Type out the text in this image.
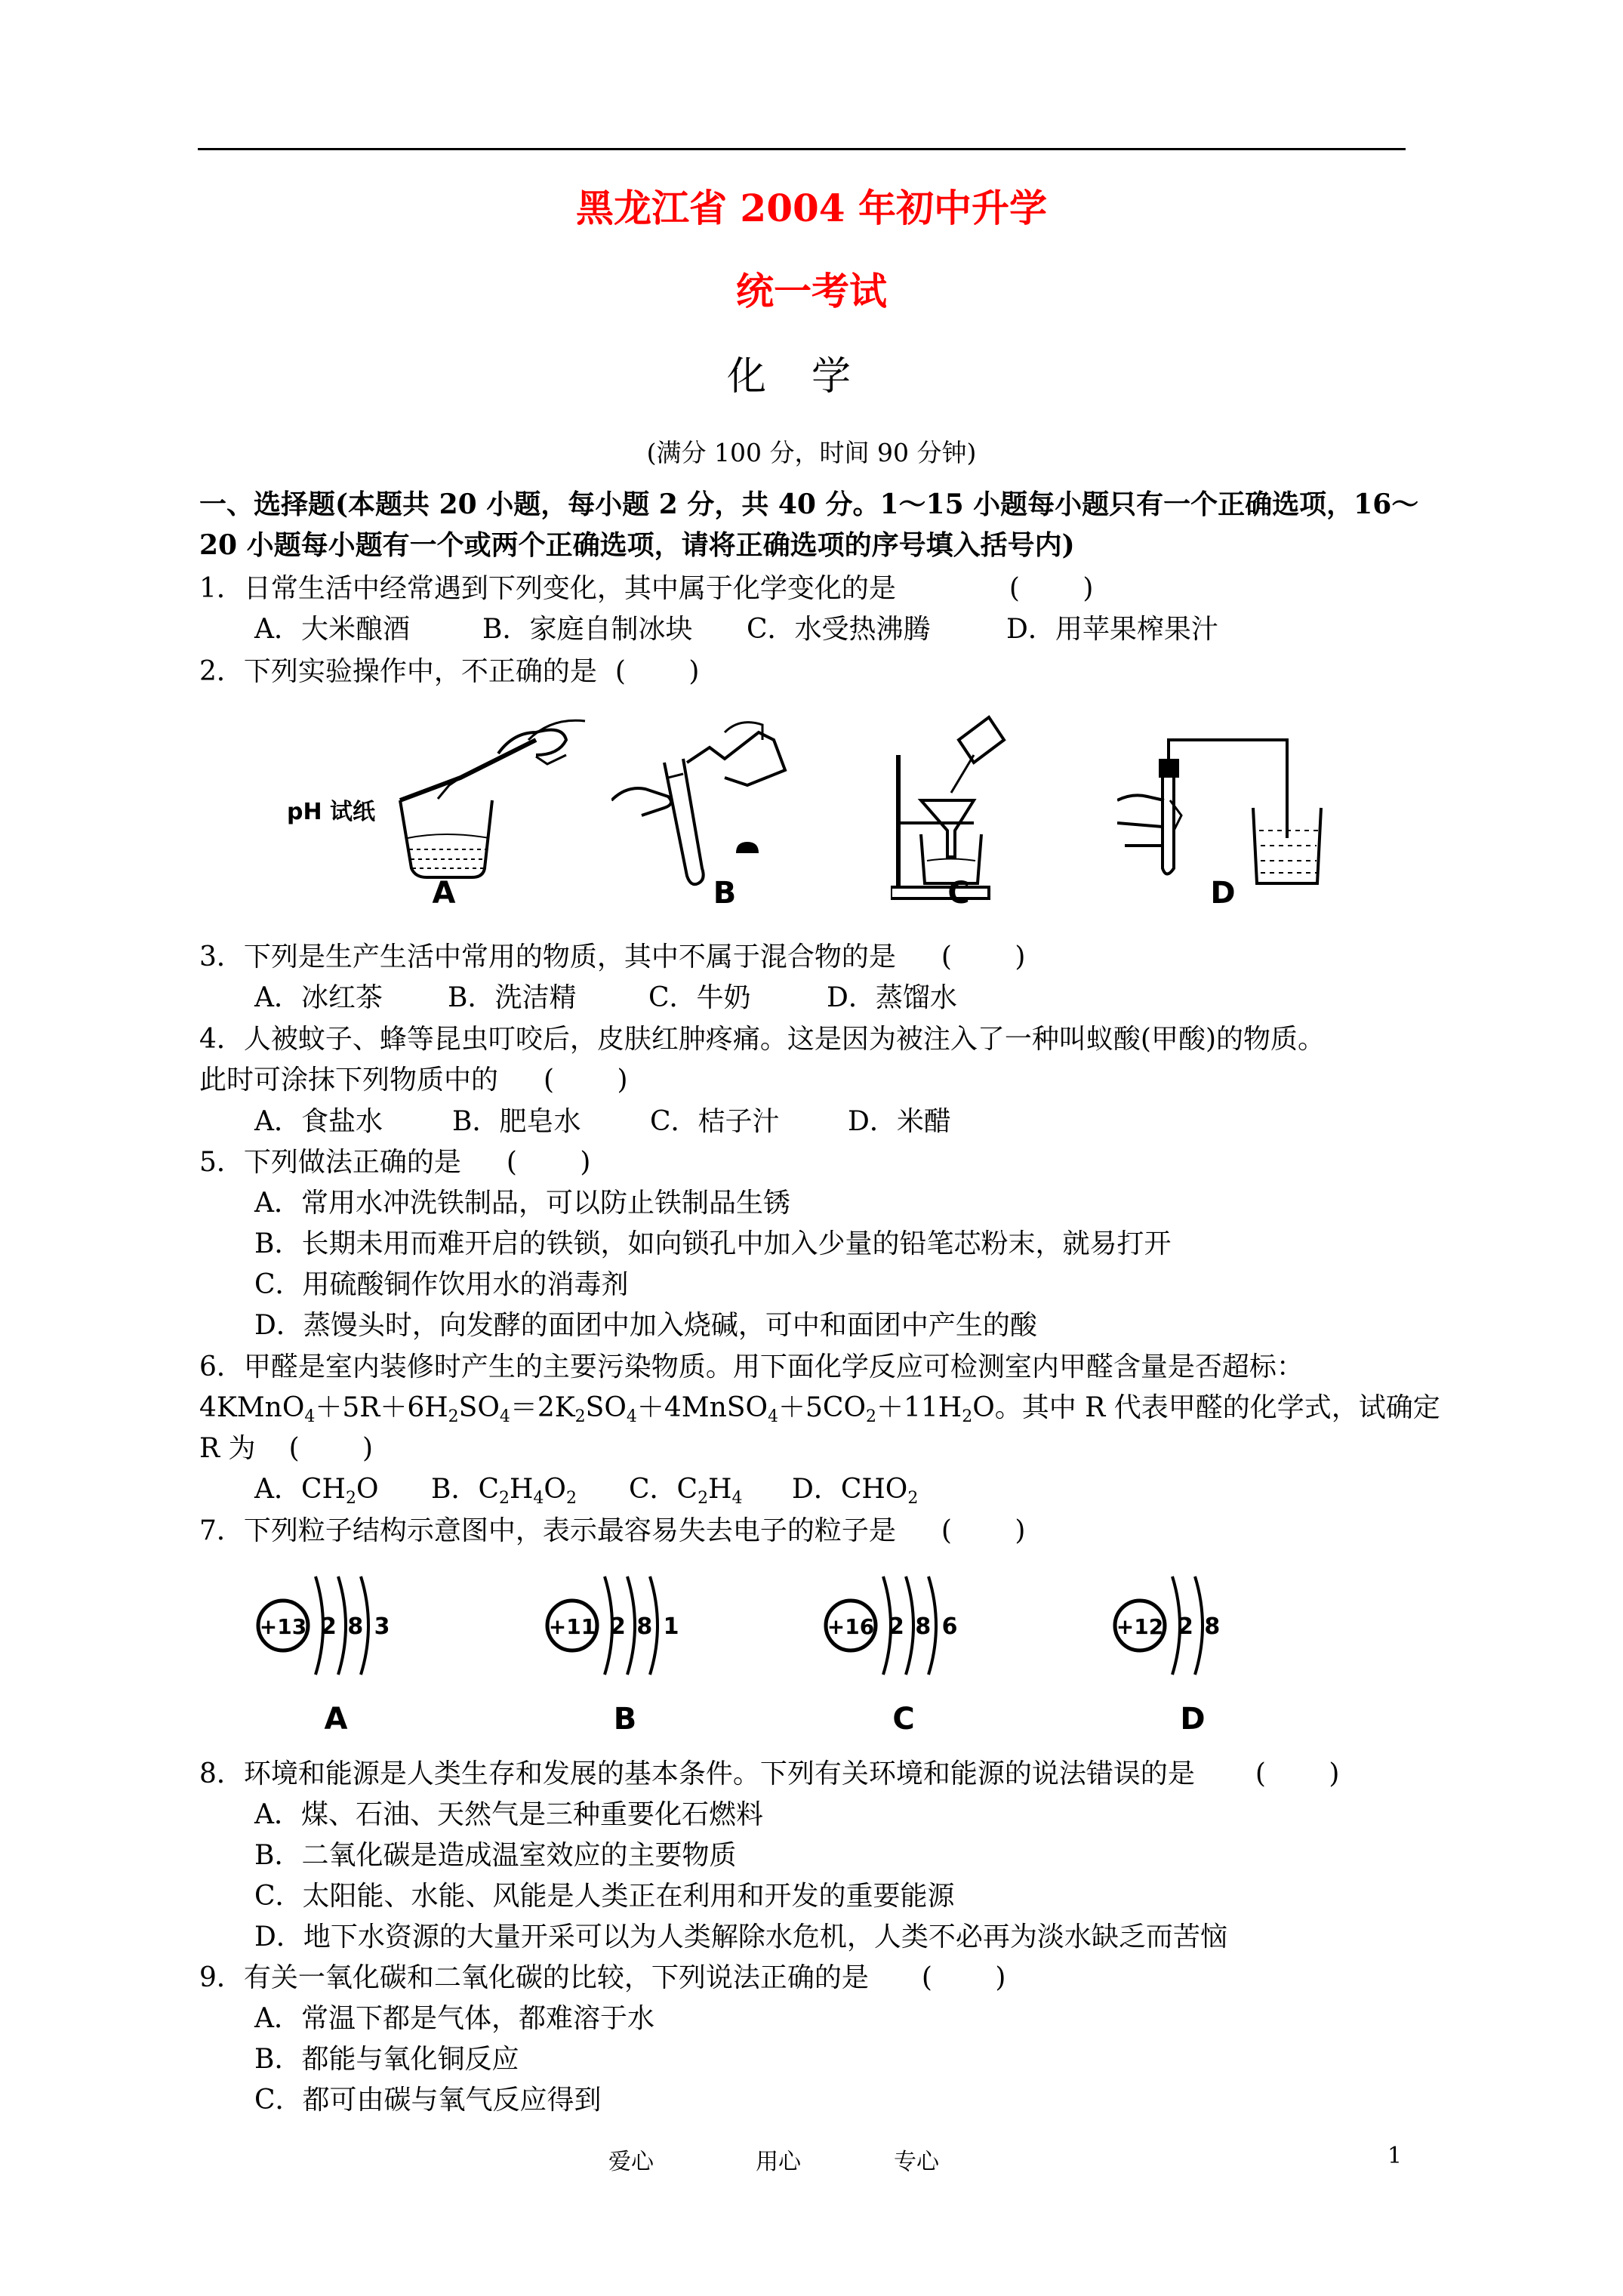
黑龙江省 2004 年初中升学
统一考试
化学
(满分 100 分，时间 90 分钟)
一、选择题(本题共 20 小题，每小题 2 分，共 40 分。1～15 小题每小题只有一个正确选项，16～
20 小题每小题有一个或两个正确选项，请将正确选项的序号填入括号内)
1．日常生活中经常遇到下列变化，其中属于化学变化的是	(　 　)
A．大米酿酒	B．家庭自制冰块 C．水受热沸腾	D．用苹果榨果汁
2．下列实验操作中，不正确的是 (　 　)
pH 试纸
A	B	C	D
3．下列是生产生活中常用的物质，其中不属于混合物的是 (　 　)
A．冰红茶 B．洗洁精	C．牛奶	D．蒸馏水
4．人被蚊子、蜂等昆虫叮咬后，皮肤红肿疼痛。这是因为被注入了一种叫蚁酸(甲酸)的物质。
此时可涂抹下列物质中的 (　 　)
A．食盐水	B．肥皂水	C．桔子汁	D．米醋
5．下列做法正确的是 (　 　)
A．常用水冲洗铁制品，可以防止铁制品生锈
B．长期未用而难开启的铁锁，如向锁孔中加入少量的铅笔芯粉末，就易打开
C．用硫酸铜作饮用水的消毒剂
D．蒸馒头时，向发酵的面团中加入烧碱，可中和面团中产生的酸
6．甲醛是室内装修时产生的主要污染物质。用下面化学反应可检测室内甲醛含量是否超标：
$4KMnO_4+5R+6H_2SO_4=2K_2SO_4+4MnSO_4+5CO_2+11H_2O$。其中 R 代表甲醛的化学式，试确定
R 为 (　 　)
A．$CH_2O$ B．$C_2H_4O_2$ C．$C_2H_4$ D．$CHO_2$
7．下列粒子结构示意图中，表示最容易失去电子的粒子是 (　 　)
+13 2 8 3
A
+11 2 8 1
B
+16 2 8 6
C
+12 2 8
D
8．环境和能源是人类生存和发展的基本条件。下列有关环境和能源的说法错误的是 (　 　)
A．煤、石油、天然气是三种重要化石燃料
B．二氧化碳是造成温室效应的主要物质
C．太阳能、水能、风能是人类正在利用和开发的重要能源
D．地下水资源的大量开采可以为人类解除水危机，人类不必再为淡水缺乏而苦恼
9．有关一氧化碳和二氧化碳的比较，下列说法正确的是 (　 　)
A．常温下都是气体，都难溶于水
B．都能与氧化铜反应
C．都可由碳与氧气反应得到
爱心	用心	专心	1
